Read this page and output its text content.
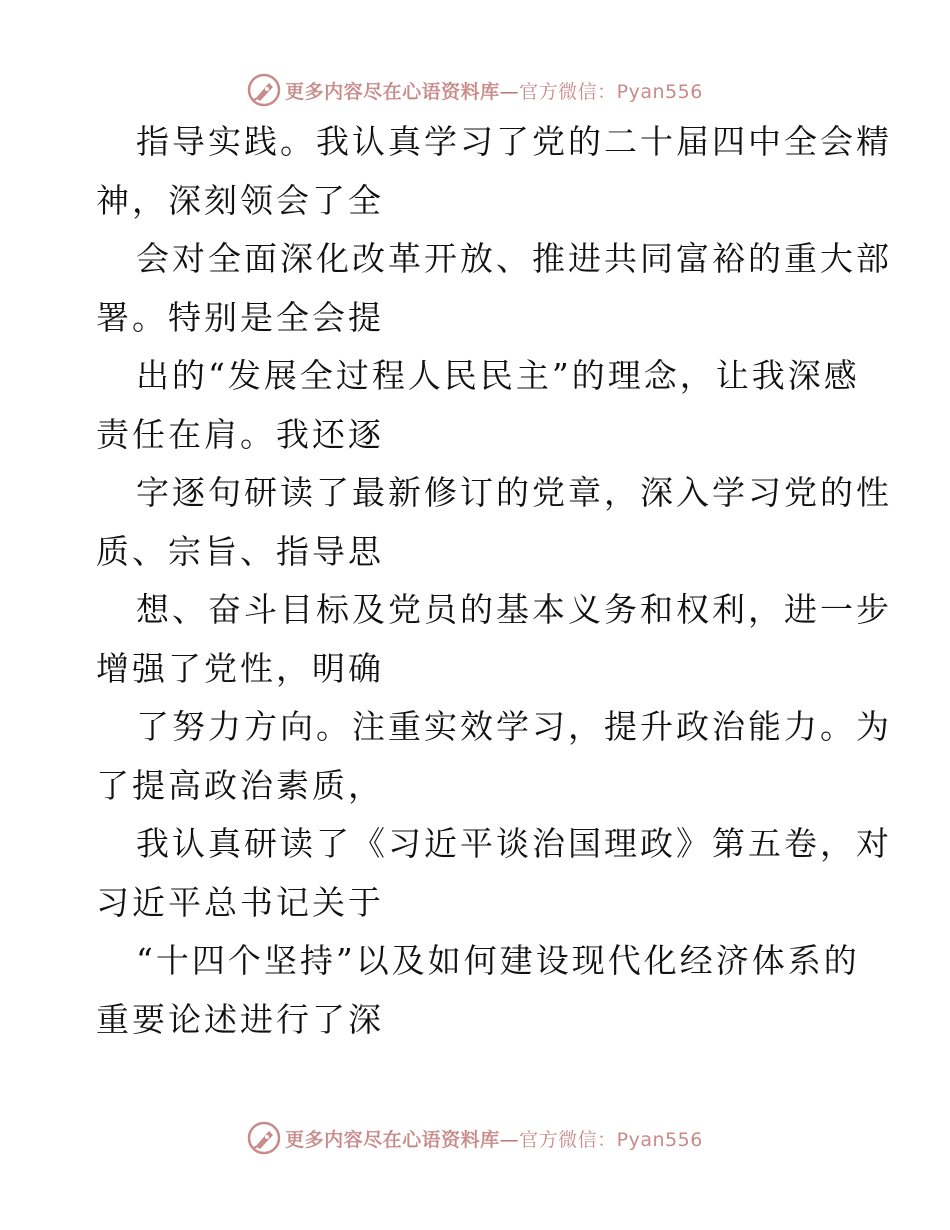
更多内容尽在心语资料库—官方微信：Pyan556
指导实践。我认真学习了党的二十届四中全会精
神，深刻领会了全
会对全面深化改革开放、推进共同富裕的重大部
署。特别是全会提
出的“发展全过程人民民主”的理念，让我深感
责任在肩。我还逐
字逐句研读了最新修订的党章，深入学习党的性
质、宗旨、指导思
想、奋斗目标及党员的基本义务和权利，进一步
增强了党性，明确
了努力方向。注重实效学习，提升政治能力。为
了提高政治素质，
我认真研读了《习近平谈治国理政》第五卷，对
习近平总书记关于
“十四个坚持”以及如何建设现代化经济体系的
重要论述进行了深
更多内容尽在心语资料库—官方微信：Pyan556
